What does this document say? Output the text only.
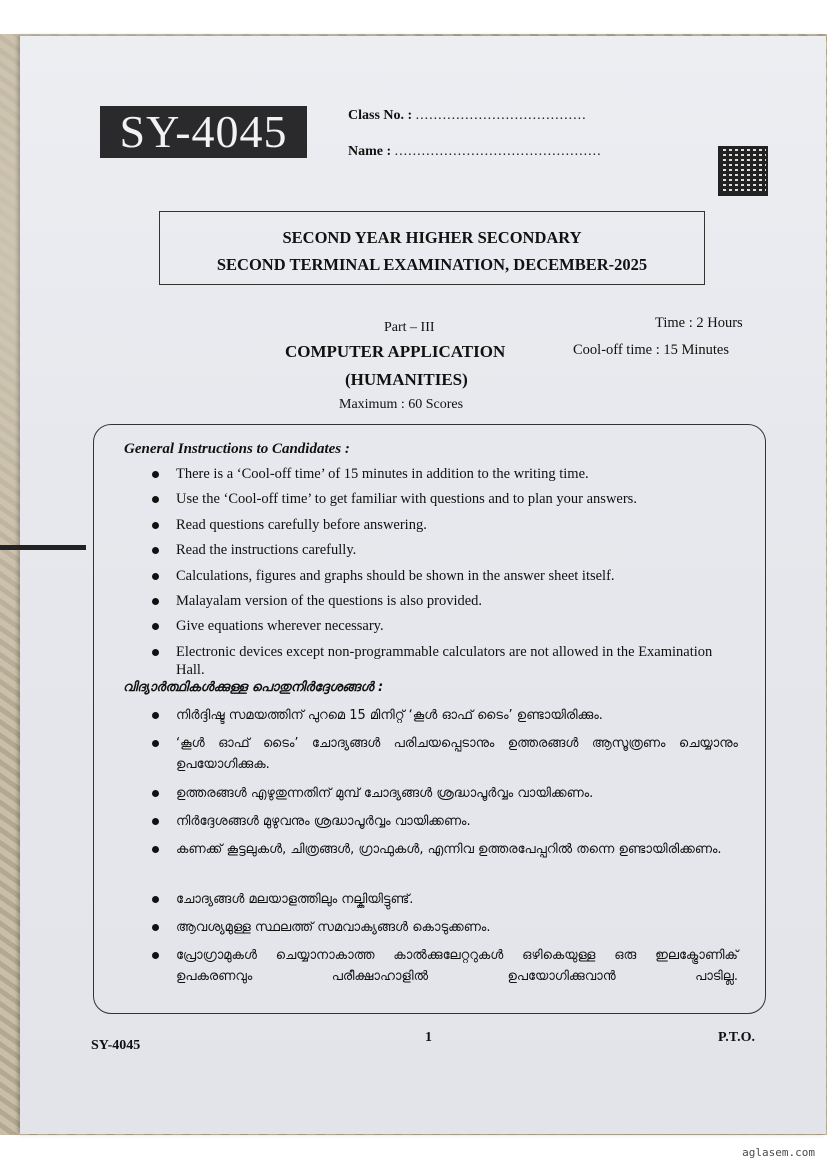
SY-4045	Class No. : ......................................
Name : ..............................................
SECOND YEAR HIGHER SECONDARY
SECOND TERMINAL EXAMINATION, DECEMBER-2025
Part – III
COMPUTER APPLICATION
(HUMANITIES)
Maximum : 60 Scores
Time : 2 Hours
Cool-off time : 15 Minutes
General Instructions to Candidates :
There is a ‘Cool-off time’ of 15 minutes in addition to the writing time.
Use the ‘Cool-off time’ to get familiar with questions and to plan your answers.
Read questions carefully before answering.
Read the instructions carefully.
Calculations, figures and graphs should be shown in the answer sheet itself.
Malayalam version of the questions is also provided.
Give equations wherever necessary.
Electronic devices except non-programmable calculators are not allowed in the Examination Hall.
വിദ്യാർത്ഥികൾക്കുള്ള പൊതുനിർദ്ദേശങ്ങൾ :
നിർദ്ദിഷ്ട സമയത്തിന് പുറമെ 15 മിനിറ്റ് ‘കൂൾ ഓഫ് ടൈം’ ഉണ്ടായിരിക്കും.
‘കൂൾ ഓഫ് ടൈം’ ചോദ്യങ്ങൾ പരിചയപ്പെടാനും ഉത്തരങ്ങൾ ആസൂത്രണം ചെയ്യാനും ഉപയോഗിക്കുക.
ഉത്തരങ്ങൾ എഴുതുന്നതിന് മുമ്പ് ചോദ്യങ്ങൾ ശ്രദ്ധാപൂർവ്വം വായിക്കണം.
നിർദ്ദേശങ്ങൾ മുഴുവനും ശ്രദ്ധാപൂർവ്വം വായിക്കണം.
കണക്ക് കൂട്ടലുകൾ, ചിത്രങ്ങൾ, ഗ്രാഫുകൾ, എന്നിവ ഉത്തരപേപ്പറിൽ തന്നെ ഉണ്ടായിരിക്കണം.
ചോദ്യങ്ങൾ മലയാളത്തിലും നല്കിയിട്ടുണ്ട്.
ആവശ്യമുള്ള സ്ഥലത്ത് സമവാക്യങ്ങൾ കൊടുക്കണം.
പ്രോഗ്രാമുകൾ ചെയ്യാനാകാത്ത കാൽക്കുലേറ്ററുകൾ ഒഴികെയുള്ള ഒരു ഇലക്ട്രോണിക് ഉപകരണവും പരീക്ഷാഹാളിൽ ഉപയോഗിക്കുവാൻ പാടില്ല.
SY-4045
1	P.T.O.
aglasem.com
